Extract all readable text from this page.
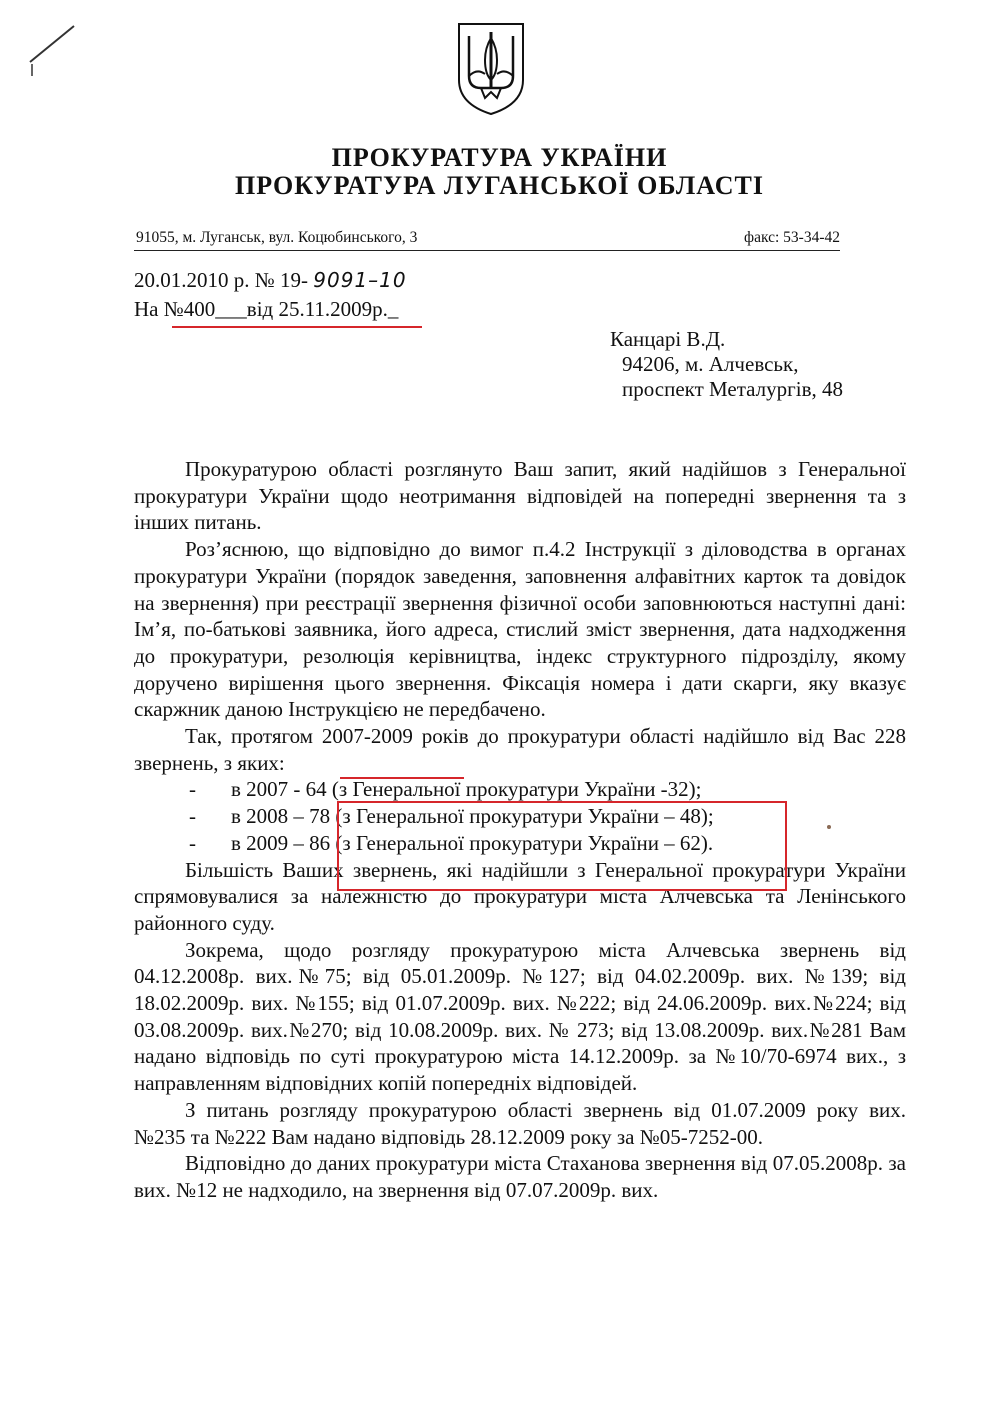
ПРОКУРАТУРА УКРАЇНИ
ПРОКУРАТУРА ЛУГАНСЬКОЇ ОБЛАСТІ
91055, м. Луганськ, вул. Коцюбинського, 3	факс: 53-34-42
20.01.2010 р. № 19- 9091–10
На №400___від 25.11.2009р._
Канцарі В.Д.
94206, м. Алчевськ,
проспект Металургів, 48

Прокуратурою області розглянуто Ваш запит, який надійшов з Генеральної прокуратури України щодо неотримання відповідей на попередні звернення та з інших питань.

Роз’яснюю, що відповідно до вимог п.4.2 Інструкції з діловодства в органах прокуратури України (порядок заведення, заповнення алфавітних карток та довідок на звернення) при реєстрації звернення фізичної особи заповнюються наступні дані: Ім’я, по-батькові заявника, його адреса, стислий зміст звернення, дата надходження до прокуратури, резолюція керівництва, індекс структурного підрозділу, якому доручено вирішення цього звернення. Фіксація номера і дати скарги, яку вказує скаржник даною Інструкцією не передбачено.

Так, протягом 2007-2009 років до прокуратури області надійшло від Вас 228 звернень, з яких:

- в 2007 - 64 (з Генеральної прокуратури України -32);
- в 2008 – 78 (з Генеральної прокуратури України – 48);
- в 2009 – 86 (з Генеральної прокуратури України – 62).

Більшість Ваших звернень, які надійшли з Генеральної прокуратури України спрямовувалися за належністю до прокуратури міста Алчевська та Ленінського районного суду.

Зокрема, щодо розгляду прокуратурою міста Алчевська звернень від 04.12.2008р. вих.№75; від 05.01.2009р. №127; від 04.02.2009р. вих. №139; від 18.02.2009р. вих. №155; від 01.07.2009р. вих. №222; від 24.06.2009р. вих.№224; від 03.08.2009р. вих.№270; від 10.08.2009р. вих. № 273; від 13.08.2009р. вих.№281 Вам надано відповідь по суті прокуратурою міста 14.12.2009р. за №10/70-6974 вих., з направленням відповідних копій попередніх відповідей.

З питань розгляду прокуратурою області звернень від 01.07.2009 року вих. №235 та №222 Вам надано відповідь 28.12.2009 року за №05-7252-00.

Відповідно до даних прокуратури міста Стаханова звернення від 07.05.2008р. за вих. №12 не надходило, на звернення від 07.07.2009р. вих.
